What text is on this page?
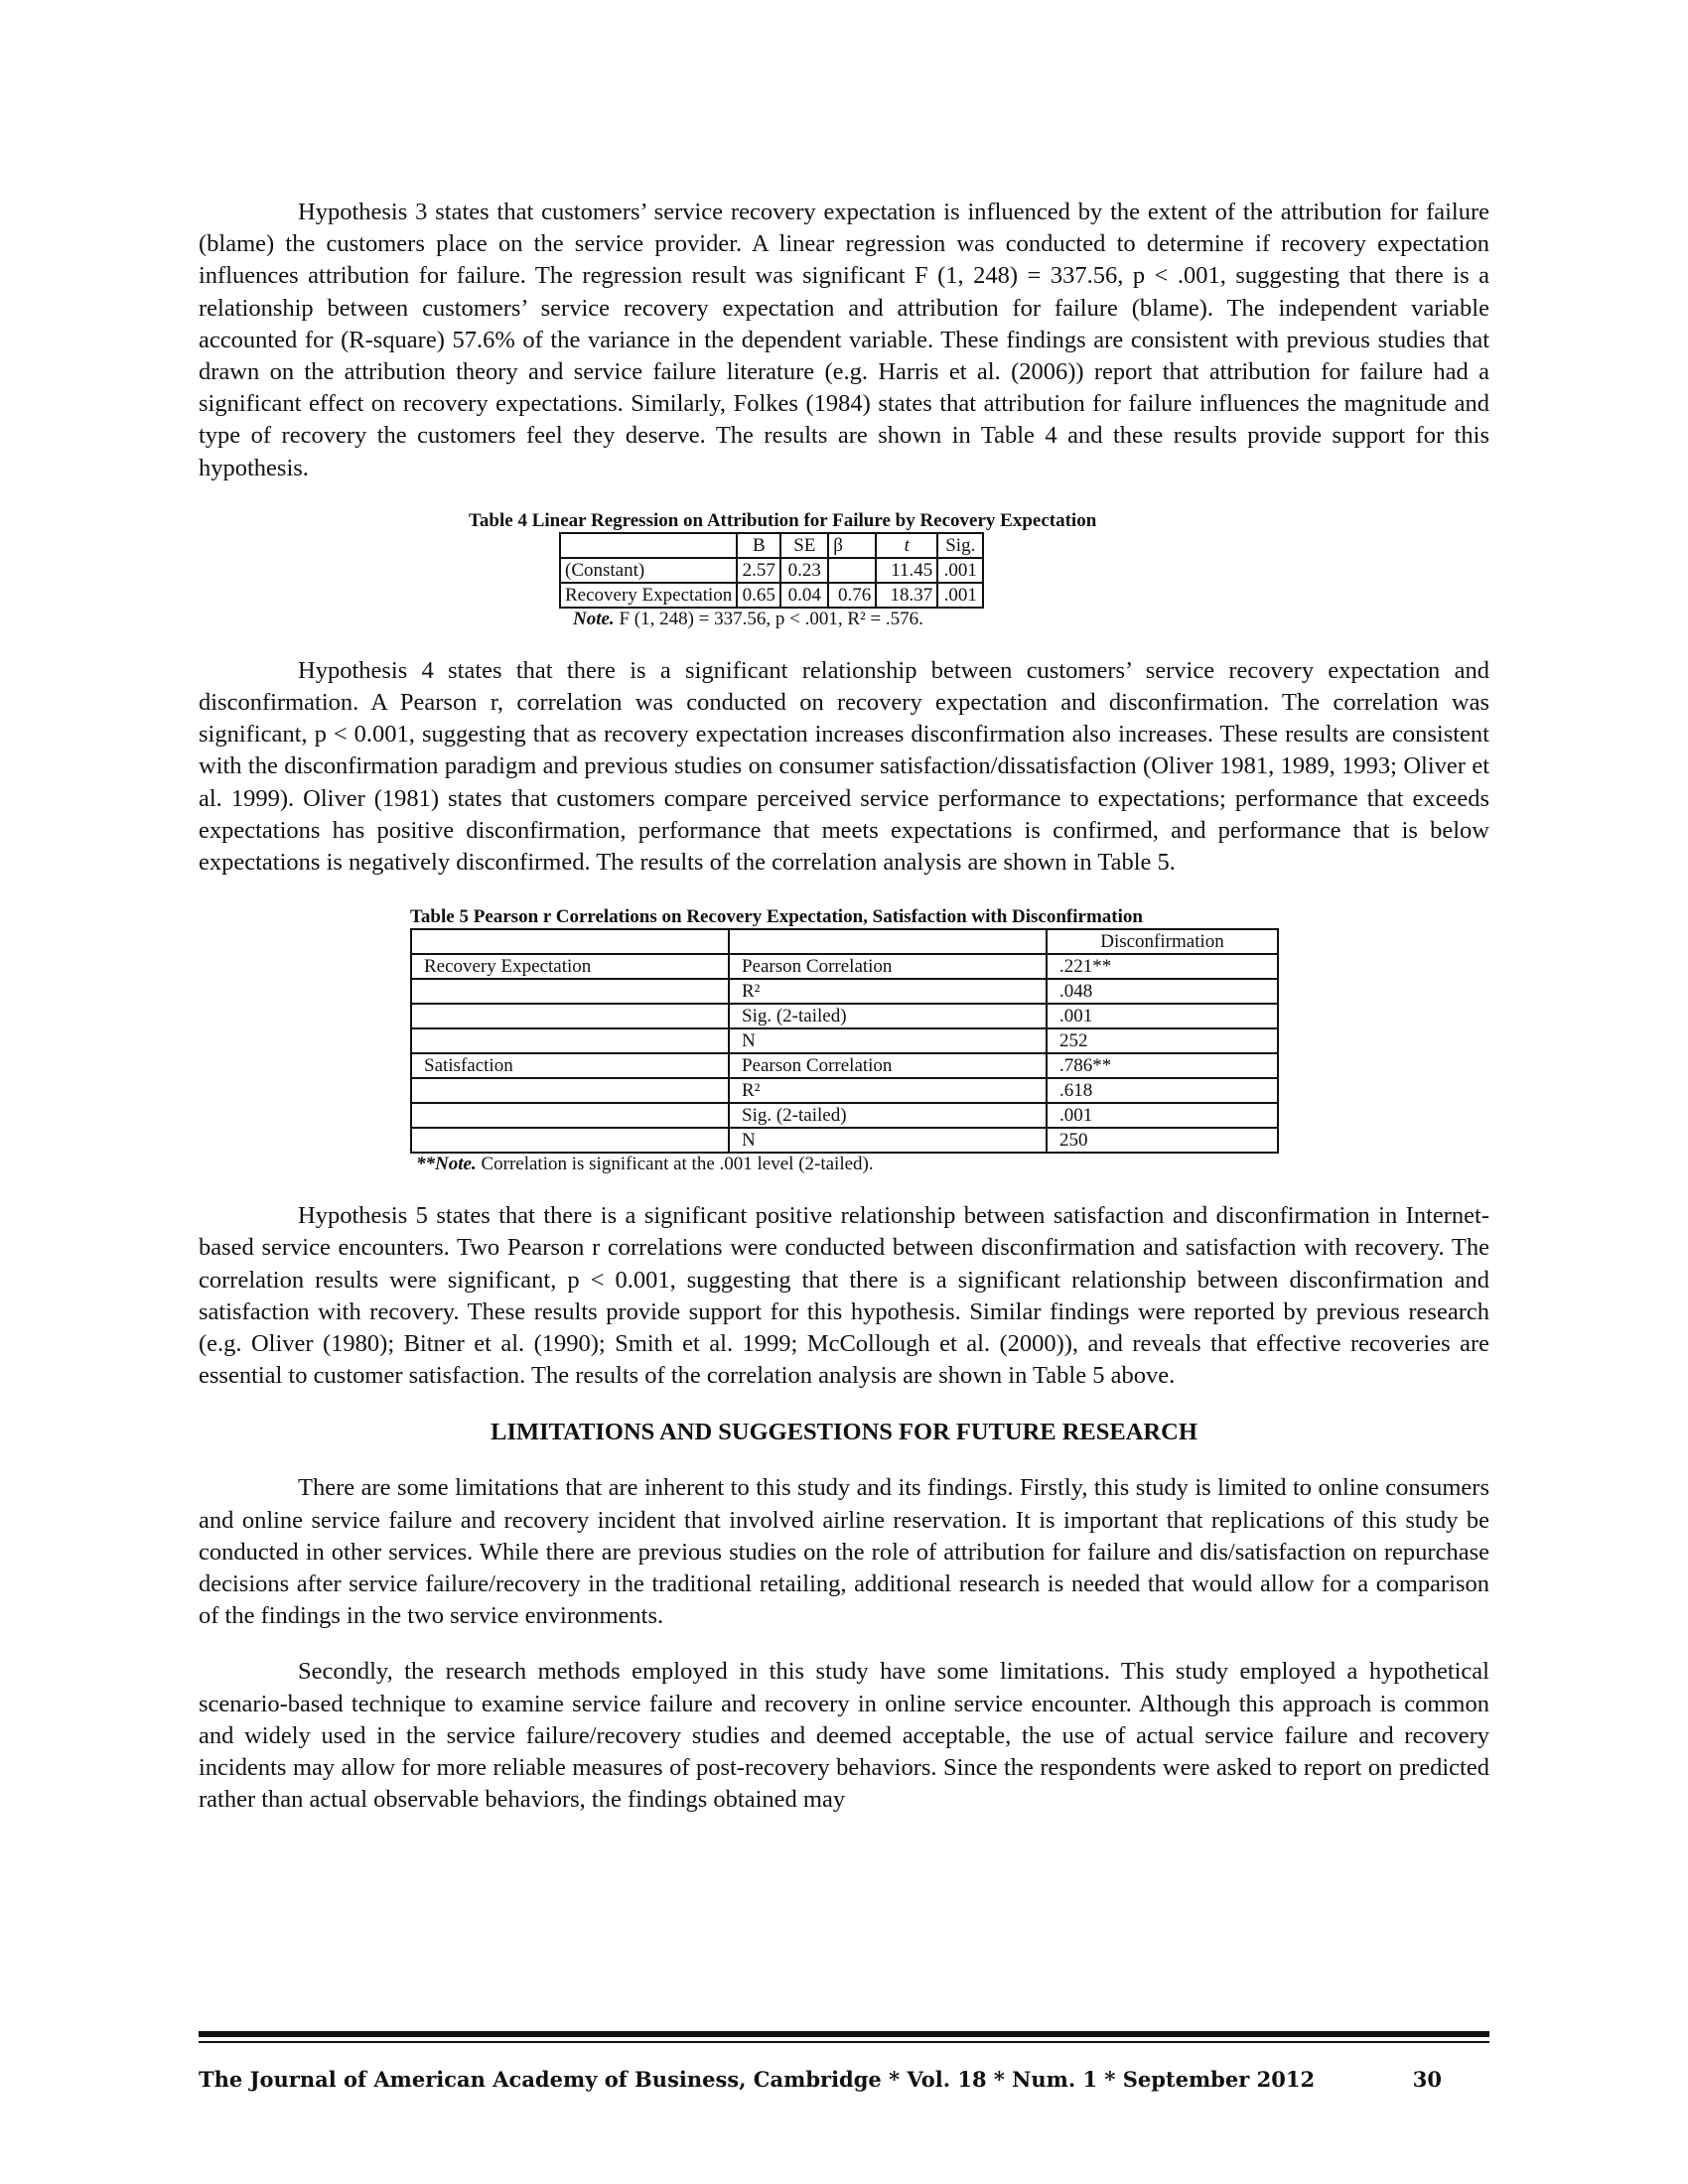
Hypothesis 3 states that customers’ service recovery expectation is influenced by the extent of the attribution for failure (blame) the customers place on the service provider. A linear regression was conducted to determine if recovery expectation influences attribution for failure. The regression result was significant F (1, 248) = 337.56, p < .001, suggesting that there is a relationship between customers’ service recovery expectation and attribution for failure (blame). The independent variable accounted for (R-square) 57.6% of the variance in the dependent variable. These findings are consistent with previous studies that drawn on the attribution theory and service failure literature (e.g. Harris et al. (2006)) report that attribution for failure had a significant effect on recovery expectations. Similarly, Folkes (1984) states that attribution for failure influences the magnitude and type of recovery the customers feel they deserve. The results are shown in Table 4 and these results provide support for this hypothesis.

Table 4 Linear Regression on Attribution for Failure by Recovery Expectation
	B	SE	β	t	Sig.
(Constant)	2.57	0.23		11.45	.001
Recovery Expectation	0.65	0.04	0.76	18.37	.001
Note. F (1, 248) = 337.56, p < .001, R² = .576.

Hypothesis 4 states that there is a significant relationship between customers’ service recovery expectation and disconfirmation. A Pearson r, correlation was conducted on recovery expectation and disconfirmation. The correlation was significant, p < 0.001, suggesting that as recovery expectation increases disconfirmation also increases. These results are consistent with the disconfirmation paradigm and previous studies on consumer satisfaction/dissatisfaction (Oliver 1981, 1989, 1993; Oliver et al. 1999). Oliver (1981) states that customers compare perceived service performance to expectations; performance that exceeds expectations has positive disconfirmation, performance that meets expectations is confirmed, and performance that is below expectations is negatively disconfirmed. The results of the correlation analysis are shown in Table 5.

Table 5 Pearson r Correlations on Recovery Expectation, Satisfaction with Disconfirmation
		Disconfirmation
Recovery Expectation	Pearson Correlation	.221**
	R²	.048
	Sig. (2-tailed)	.001
	N	252
Satisfaction	Pearson Correlation	.786**
	R²	.618
	Sig. (2-tailed)	.001
	N	250
**Note. Correlation is significant at the .001 level (2-tailed).

Hypothesis 5 states that there is a significant positive relationship between satisfaction and disconfirmation in Internet-based service encounters. Two Pearson r correlations were conducted between disconfirmation and satisfaction with recovery. The correlation results were significant, p < 0.001, suggesting that there is a significant relationship between disconfirmation and satisfaction with recovery. These results provide support for this hypothesis. Similar findings were reported by previous research (e.g. Oliver (1980); Bitner et al. (1990); Smith et al. 1999; McCollough et al. (2000)), and reveals that effective recoveries are essential to customer satisfaction. The results of the correlation analysis are shown in Table 5 above.

LIMITATIONS AND SUGGESTIONS FOR FUTURE RESEARCH

There are some limitations that are inherent to this study and its findings. Firstly, this study is limited to online consumers and online service failure and recovery incident that involved airline reservation. It is important that replications of this study be conducted in other services. While there are previous studies on the role of attribution for failure and dis/satisfaction on repurchase decisions after service failure/recovery in the traditional retailing, additional research is needed that would allow for a comparison of the findings in the two service environments.

Secondly, the research methods employed in this study have some limitations. This study employed a hypothetical scenario-based technique to examine service failure and recovery in online service encounter. Although this approach is common and widely used in the service failure/recovery studies and deemed acceptable, the use of actual service failure and recovery incidents may allow for more reliable measures of post-recovery behaviors. Since the respondents were asked to report on predicted rather than actual observable behaviors, the findings obtained may

The Journal of American Academy of Business, Cambridge * Vol. 18 * Num. 1 * September 2012	30
